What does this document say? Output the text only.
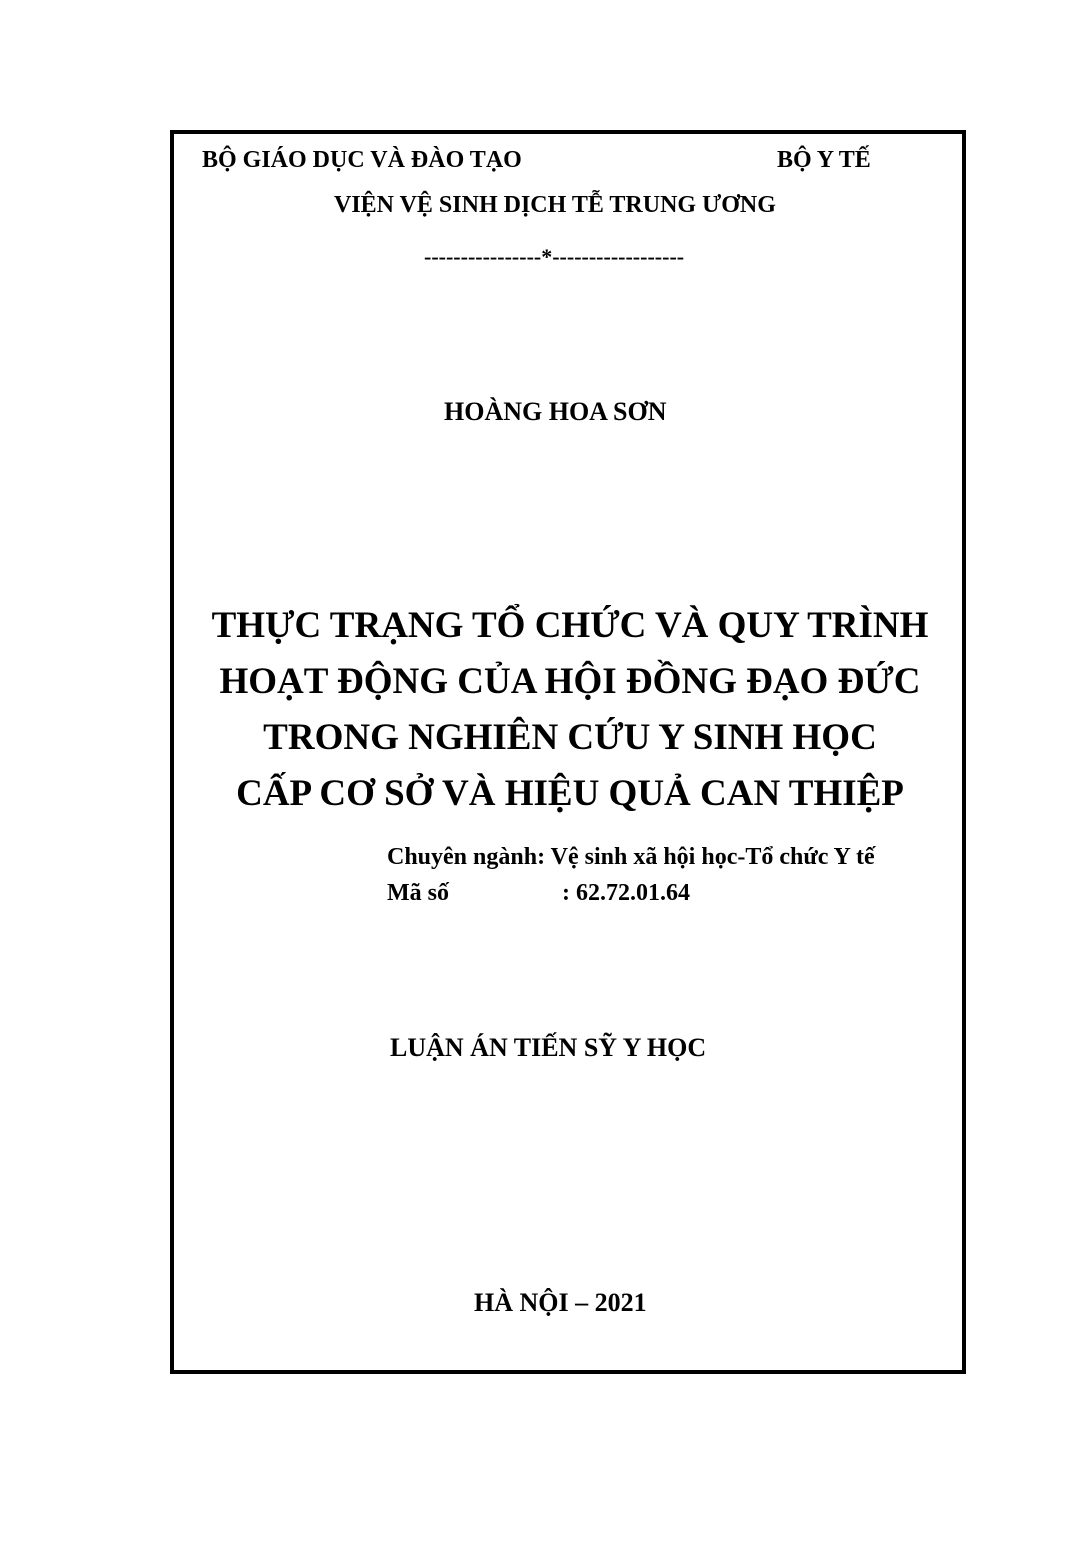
BỘ GIÁO DỤC VÀ ĐÀO TẠO	BỘ Y TẾ
VIỆN VỆ SINH DỊCH TỄ TRUNG ƯƠNG
----------------*------------------
HOÀNG HOA SƠN
THỰC TRẠNG TỔ CHỨC VÀ QUY TRÌNH
HOẠT ĐỘNG CỦA HỘI ĐỒNG ĐẠO ĐỨC
TRONG NGHIÊN CỨU Y SINH HỌC
CẤP CƠ SỞ VÀ HIỆU QUẢ CAN THIỆP
Chuyên ngành: Vệ sinh xã hội học-Tổ chức Y tế
Mã số	: 62.72.01.64
LUẬN ÁN TIẾN SỸ Y HỌC
HÀ NỘI – 2021
